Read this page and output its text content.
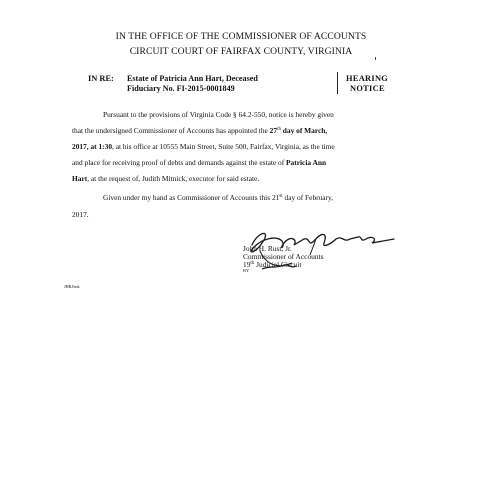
IN THE OFFICE OF THE COMMISSIONER OF ACCOUNTS
CIRCUIT COURT OF FAIRFAX COUNTY, VIRGINIA
IN RE: Estate of Patricia Ann Hart, Deceased
Fiduciary No. FI-2015-0001849
HEARING
NOTICE
Pursuant to the provisions of Virginia Code § 64.2-550, notice is hereby given
that the undersigned Commissioner of Accounts has appointed the 27th day of March,
2017, at 1:30, at his office at 10555 Main Street, Suite 500, Fairfax, Virginia, as the time
and place for receiving proof of debts and demands against the estate of Patricia Ann
Hart, at the request of, Judith Mitnick, executor for said estate.
Given under my hand as Commissioner of Accounts this 21st day of February,
2017.
John H. Rust, Jr.
Commissioner of Accounts
19th Judicial Circuit
BY
JHRJ/mk
